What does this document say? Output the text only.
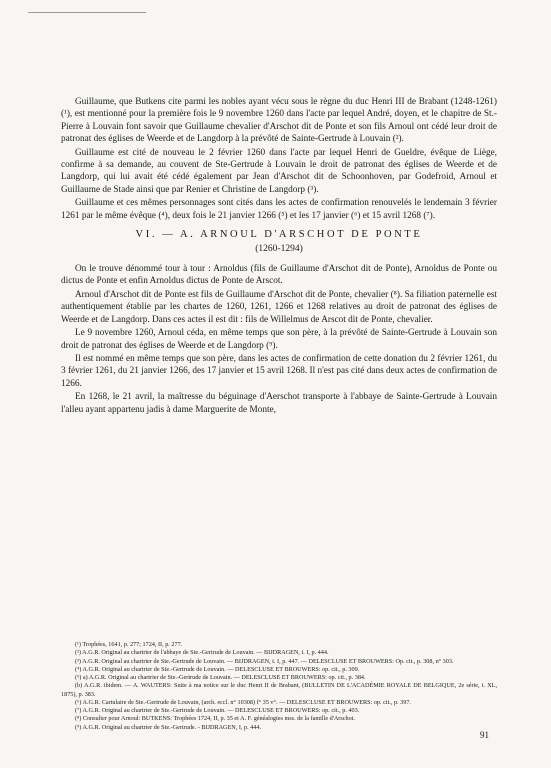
Guillaume, que Butkens cite parmi les nobles ayant vécu sous le règne du duc Henri III de Brabant (1248-1261) (¹), est mentionné pour la première fois le 9 novembre 1260 dans l'acte par lequel André, doyen, et le chapitre de St.-Pierre à Louvain font savoir que Guillaume chevalier d'Arschot dit de Ponte et son fils Arnoul ont cédé leur droit de patronat des églises de Weerde et de Langdorp à la prévôté de Sainte-Gertrude à Louvain (²).

Guillaume est cité de nouveau le 2 février 1260 dans l'acte par lequel Henri de Gueldre, évêque de Liège, confirme à sa demande, au couvent de Ste-Gertrude à Louvain le droit de patronat des églises de Weerde et de Langdorp, qui lui avait été cédé également par Jean d'Arschot dit de Schoonhoven, par Godefroid, Arnoul et Guillaume de Stade ainsi que par Renier et Christine de Langdorp (³).

Guillaume et ces mêmes personnages sont cités dans les actes de confirmation renouvelés le lendemain 3 février 1261 par le même évêque (⁴), deux fois le 21 janvier 1266 (⁵) et les 17 janvier (⁶) et 15 avril 1268 (⁷).

VI. — A. ARNOUL D'ARSCHOT DE PONTE
(1260-1294)

On le trouve dénommé tour à tour : Arnoldus (fils de Guillaume d'Arschot dit de Ponte), Arnoldus de Ponte ou dictus de Ponte et enfin Arnoldus dictus de Ponte de Arscot.

Arnoul d'Arschot dit de Ponte est fils de Guillaume d'Arschot dit de Ponte, chevalier (⁸). Sa filiation paternelle est authentiquement établie par les chartes de 1260, 1261, 1266 et 1268 relatives au droit de patronat des églises de Weerde et de Langdorp. Dans ces actes il est dit : fils de Willelmus de Arscot dit de Ponte, chevalier.

Le 9 novembre 1260, Arnoul céda, en même temps que son père, à la prévôté de Sainte-Gertrude à Louvain son droit de patronat des églises de Weerde et de Langdorp (⁹).

Il est nommé en même temps que son père, dans les actes de confirmation de cette donation du 2 février 1261, du 3 février 1261, du 21 janvier 1266, des 17 janvier et 15 avril 1268. Il n'est pas cité dans deux actes de confirmation de 1266.

En 1268, le 21 avril, la maîtresse du béguinage d'Aerschot transporte à l'abbaye de Sainte-Gertrude à Louvain l'alleu ayant appartenu jadis à dame Marguerite de Monte,

(¹) Trophées, 1641, p. 277; 1724, II, p. 277.

(²) A.G.R. Original au chartrier de l'abbaye de Ste.-Gertrude de Louvain. — BIJDRAGEN, t. I, p. 444.

(³) A.G.R. Original au chartrier de Ste.-Gertrude de Louvain. — BIJDRAGEN, t. I, p. 447. — DELESCLUSE ET BROUWERS: Op. cit., p. 308, n° 303.

(⁴) A.G.R. Original au chartrier de Ste.-Gertrude de Louvain. — DELESCLUSE ET BROUWERS: op. cit., p. 309.

(⁵) a) A.G.R. Original au chartrier de Ste.-Gertrude de Louvain. — DELESCLUSE ET BROUWERS: op. cit., p. 384.

(b) A.G.R. ibidem. — A. WAUTERS: Suite à ma notice sur le duc Henri II de Brabant, (BULLETIN DE L'ACADÉMIE ROYALE DE BELGIQUE, 2e série, t. XL, 1875), p. 383.

(⁶) A.G.R. Cartulaire de Ste.-Gertrude de Louvain, (arch. eccl. n° 10308) f° 35 v°. — DELESCLUSE ET BROUWERS: op. cit., p. 397.

(⁷) A.G.R. Original au chartrier de Ste.-Gertrude de Louvain. — DELESCLUSE ET BROUWERS: op. cit., p. 403.

(⁸) Consulter pour Arnoul: BUTKENS: Trophées 1724, II, p. 35 et A. F. généalogies mss. de la famille d'Arschot.

(⁹) A.G.R. Original au chartrier de Ste.-Gertrude. - BIJDRAGEN, I, p. 444.

91
